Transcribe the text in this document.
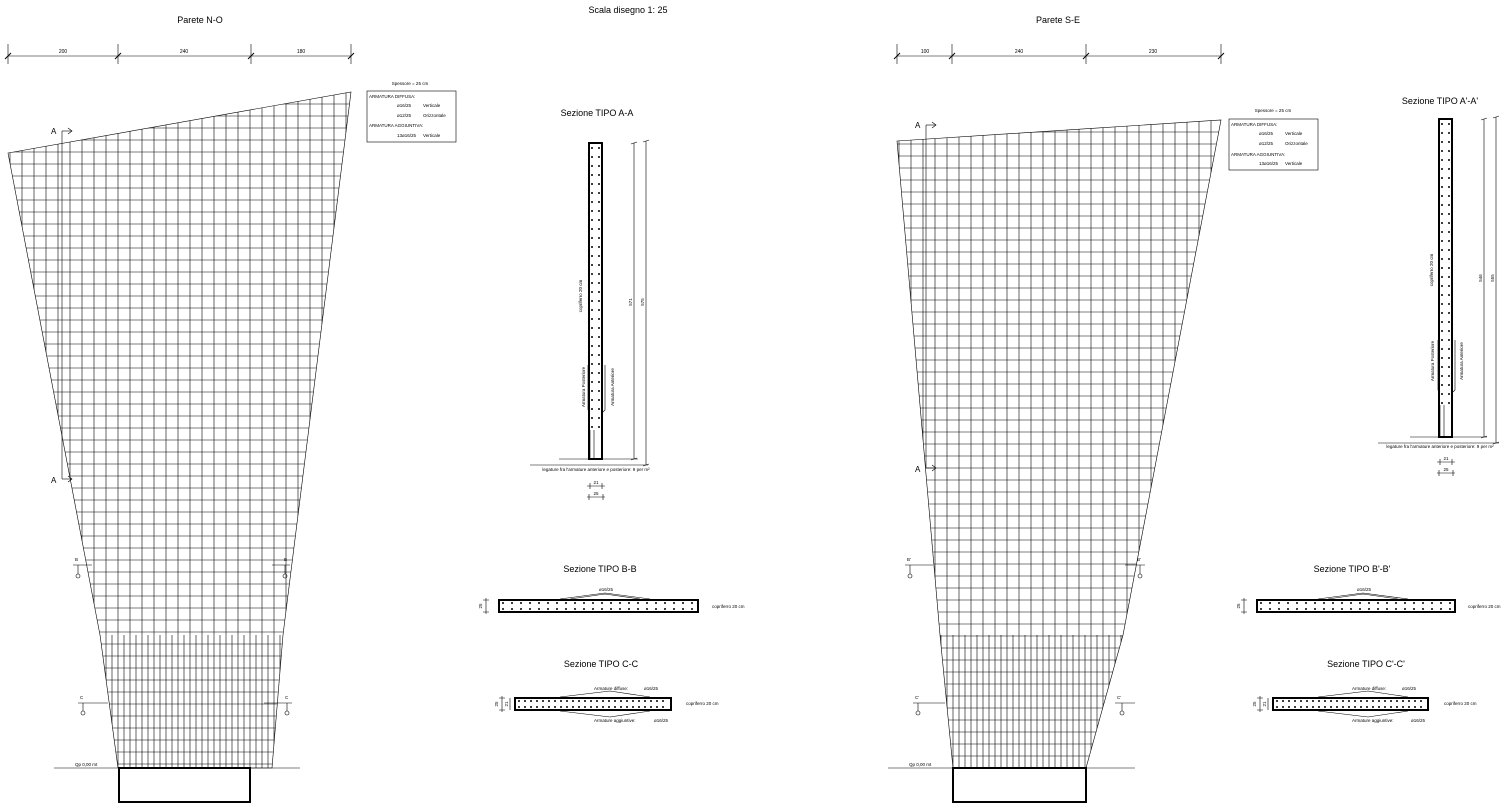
Parete N-O
Scala disegno 1: 25
Parete S-E
200	240	180	100	240	230
Qp 0,00 mt
A
A
B	B
C	C
Qp 0,00 mt
A
A
B'	B'
C'	C'
Spessore = 25 cm
ARMATURA DIFFUSA:
ø16/25	Verticale
ø12/25	Orizzontale
ARMATURA AGGIUNTIVA:
13ø16/25 Verticale
Spessore = 25 cm
ARMATURA DIFFUSA:
ø16/25	Verticale
ø12/25	Orizzontale
ARMATURA AGGIUNTIVA:
13ø16/25 Verticale
Sezione TIPO A-A
571 575
copriferro 20 cm
Armatura Posteriore	Armatura Anteriore
legature fra l'armature anteriore e posteriore: 9 per m²
21
25
Sezione TIPO A'-A'
546 555
copriferro 20 cm
Armatura Posteriore	Armatura Anteriore
legature fra l'armature anteriore e posteriore: 9 per m²
21
25
Sezione TIPO B-B
ø16/25
copriferro 20 cm
25
Sezione TIPO B'-B'
ø16/25
copriferro 20 cm
25
Sezione TIPO C-C
Armature diffuse:	ø16/25
Armature aggiuntive:	ø16/25
copriferro 20 cm
25 21
Sezione TIPO C'-C'
Armature diffuse:	ø16/25
Armature aggiuntive:	ø16/25
copriferro 20 cm
25 21
